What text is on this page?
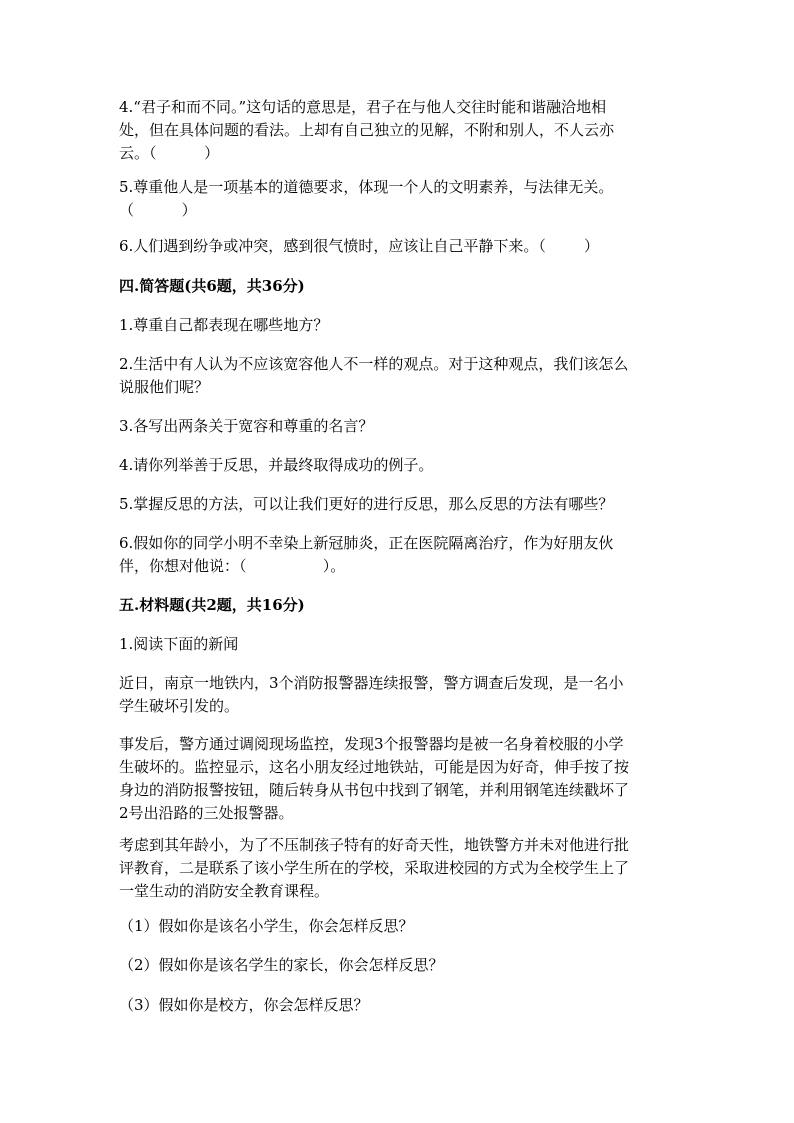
4.“君子和而不同。”这句话的意思是，君子在与他人交往时能和谐融洽地相
处，但在具体问题的看法。上却有自己独立的见解，不附和别人，不人云亦
云。（          ）
5.尊重他人是一项基本的道德要求，体现一个人的文明素养，与法律无关。
（          ）
6.人们遇到纷争或冲突，感到很气愤时，应该让自己平静下来。（        ）
四.简答题(共6题，共36分)
1.尊重自己都表现在哪些地方？
2.生活中有人认为不应该宽容他人不一样的观点。对于这种观点，我们该怎么
说服他们呢？
3.各写出两条关于宽容和尊重的名言？
4.请你列举善于反思，并最终取得成功的例子。
5.掌握反思的方法，可以让我们更好的进行反思，那么反思的方法有哪些？
6.假如你的同学小明不幸染上新冠肺炎，正在医院隔离治疗，作为好朋友伙
伴，你想对他说：（                ）。
五.材料题(共2题，共16分)
1.阅读下面的新闻
近日，南京一地铁内，3个消防报警器连续报警，警方调查后发现，是一名小
学生破坏引发的。
事发后，警方通过调阅现场监控，发现3个报警器均是被一名身着校服的小学
生破坏的。监控显示，这名小朋友经过地铁站，可能是因为好奇，伸手按了按
身边的消防报警按钮，随后转身从书包中找到了钢笔，并利用钢笔连续戳坏了
2号出沿路的三处报警器。
考虑到其年龄小，为了不压制孩子特有的好奇天性，地铁警方并未对他进行批
评教育，二是联系了该小学生所在的学校，采取进校园的方式为全校学生上了
一堂生动的消防安全教育课程。
（1）假如你是该名小学生，你会怎样反思？
（2）假如你是该名学生的家长，你会怎样反思？
（3）假如你是校方，你会怎样反思？
